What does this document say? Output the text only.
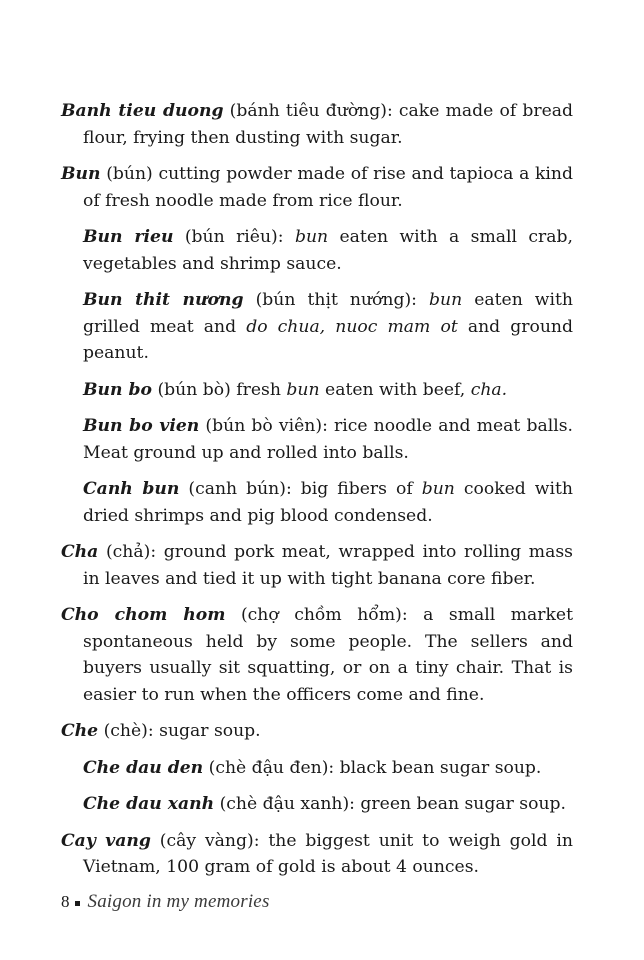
Banh tieu duong (bánh tiêu đường): cake made of bread flour, frying then dusting with sugar.

Bun (bún) cutting powder made of rise and tapioca a kind of fresh noodle made from rice flour.

Bun rieu (bún riêu): bun eaten with a small crab, vegetables and shrimp sauce.

Bun thit nương (bún thịt nướng): bun eaten with grilled meat and do chua, nuoc mam ot and ground peanut.

Bun bo (bún bò) fresh bun eaten with beef, cha.

Bun bo vien (bún bò viên): rice noodle and meat balls. Meat ground up and rolled into balls.

Canh bun (canh bún): big fibers of bun cooked with dried shrimps and pig blood condensed.

Cha (chả): ground pork meat, wrapped into rolling mass in leaves and tied it up with tight banana core fiber.

Cho chom hom (chợ chồm hổm): a small market spontaneous held by some people. The sellers and buyers usually sit squatting, or on a tiny chair. That is easier to run when the officers come and fine.

Che (chè): sugar soup.

Che dau den (chè đậu đen): black bean sugar soup.

Che dau xanh (chè đậu xanh): green bean sugar soup.

Cay vang (cây vàng): the biggest unit to weigh gold in Vietnam, 100 gram of gold is about 4 ounces.

8 Saigon in my memories
